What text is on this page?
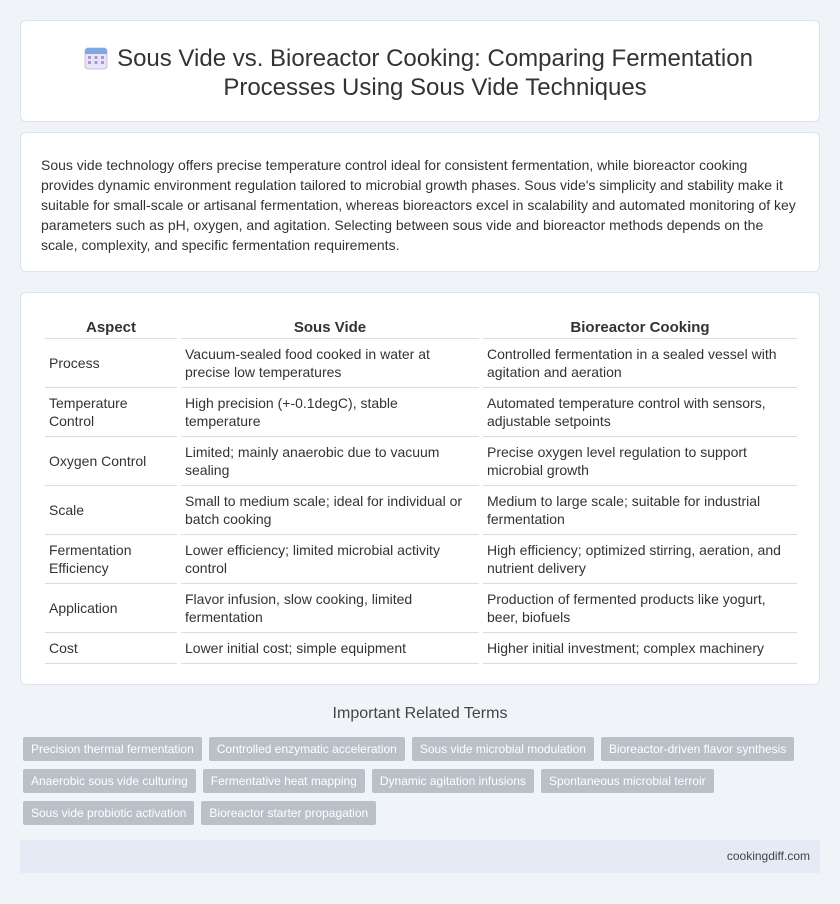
Sous Vide vs. Bioreactor Cooking: Comparing Fermentation Processes Using Sous Vide Techniques

Sous vide technology offers precise temperature control ideal for consistent fermentation, while bioreactor cooking provides dynamic environment regulation tailored to microbial growth phases. Sous vide's simplicity and stability make it suitable for small-scale or artisanal fermentation, whereas bioreactors excel in scalability and automated monitoring of key parameters such as pH, oxygen, and agitation. Selecting between sous vide and bioreactor methods depends on the scale, complexity, and specific fermentation requirements.

Aspect	Sous Vide	Bioreactor Cooking
Process	Vacuum-sealed food cooked in water at precise low temperatures	Controlled fermentation in a sealed vessel with agitation and aeration
Temperature Control	High precision (+-0.1degC), stable temperature	Automated temperature control with sensors, adjustable setpoints
Oxygen Control	Limited; mainly anaerobic due to vacuum sealing	Precise oxygen level regulation to support microbial growth
Scale	Small to medium scale; ideal for individual or batch cooking	Medium to large scale; suitable for industrial fermentation
Fermentation Efficiency	Lower efficiency; limited microbial activity control	High efficiency; optimized stirring, aeration, and nutrient delivery
Application	Flavor infusion, slow cooking, limited fermentation	Production of fermented products like yogurt, beer, biofuels
Cost	Lower initial cost; simple equipment	Higher initial investment; complex machinery
Important Related Terms
Precision thermal fermentation	Controlled enzymatic acceleration	Sous vide microbial modulation	Bioreactor-driven flavor synthesis
Anaerobic sous vide culturing	Fermentative heat mapping	Dynamic agitation infusions	Spontaneous microbial terroir
Sous vide probiotic activation	Bioreactor starter propagation
cookingdiff.com
